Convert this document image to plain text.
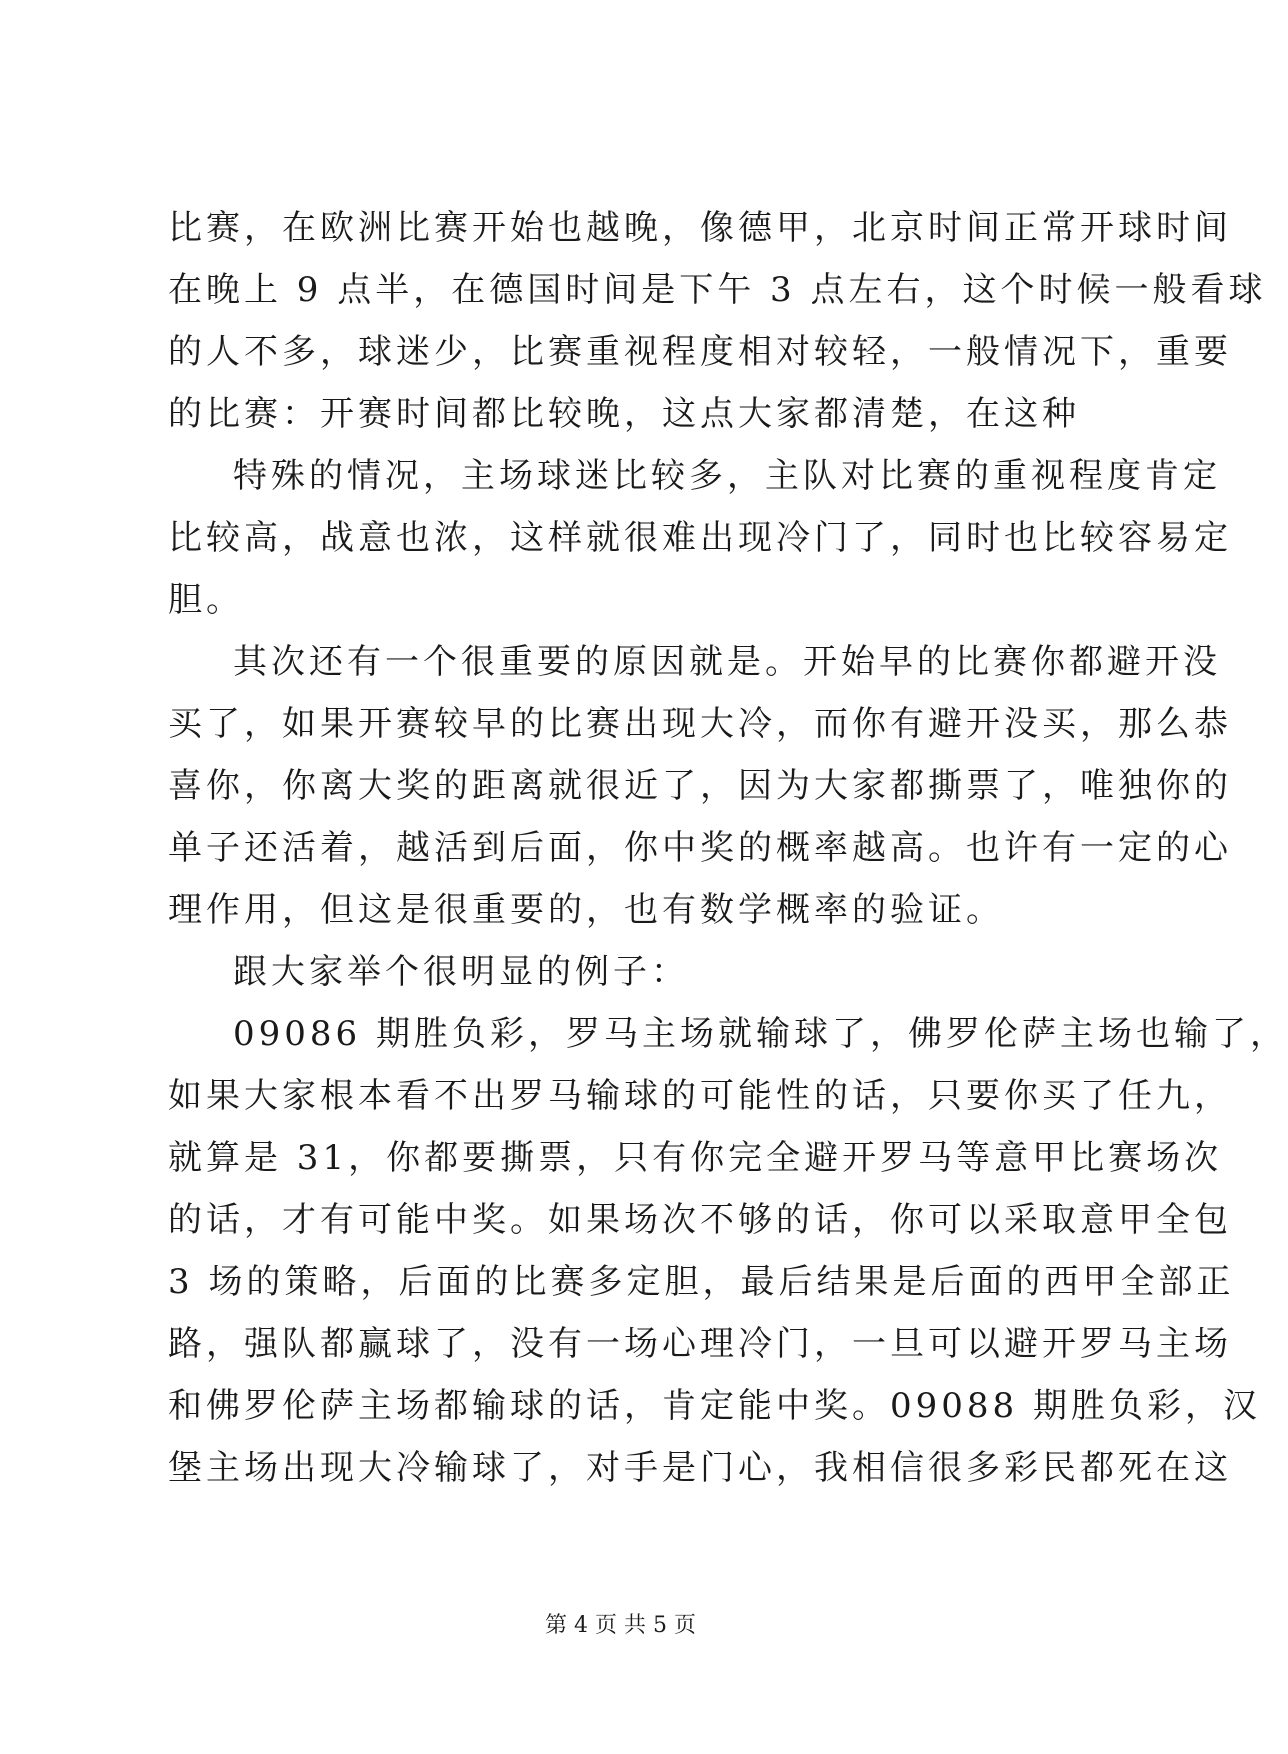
比赛，在欧洲比赛开始也越晚，像德甲，北京时间正常开球时间
在晚上 9 点半，在德国时间是下午 3 点左右，这个时候一般看球
的人不多，球迷少，比赛重视程度相对较轻，一般情况下，重要
的比赛：开赛时间都比较晚，这点大家都清楚，在这种
特殊的情况，主场球迷比较多，主队对比赛的重视程度肯定
比较高，战意也浓，这样就很难出现冷门了，同时也比较容易定
胆。
其次还有一个很重要的原因就是。开始早的比赛你都避开没
买了，如果开赛较早的比赛出现大冷，而你有避开没买，那么恭
喜你，你离大奖的距离就很近了，因为大家都撕票了，唯独你的
单子还活着，越活到后面，你中奖的概率越高。也许有一定的心
理作用，但这是很重要的，也有数学概率的验证。
跟大家举个很明显的例子：
09086 期胜负彩，罗马主场就输球了，佛罗伦萨主场也输了，
如果大家根本看不出罗马输球的可能性的话，只要你买了任九，
就算是 31，你都要撕票，只有你完全避开罗马等意甲比赛场次
的话，才有可能中奖。如果场次不够的话，你可以采取意甲全包
3 场的策略，后面的比赛多定胆，最后结果是后面的西甲全部正
路，强队都赢球了，没有一场心理冷门，一旦可以避开罗马主场
和佛罗伦萨主场都输球的话，肯定能中奖。09088 期胜负彩，汉
堡主场出现大冷输球了，对手是门心，我相信很多彩民都死在这
第 4 页 共 5 页
